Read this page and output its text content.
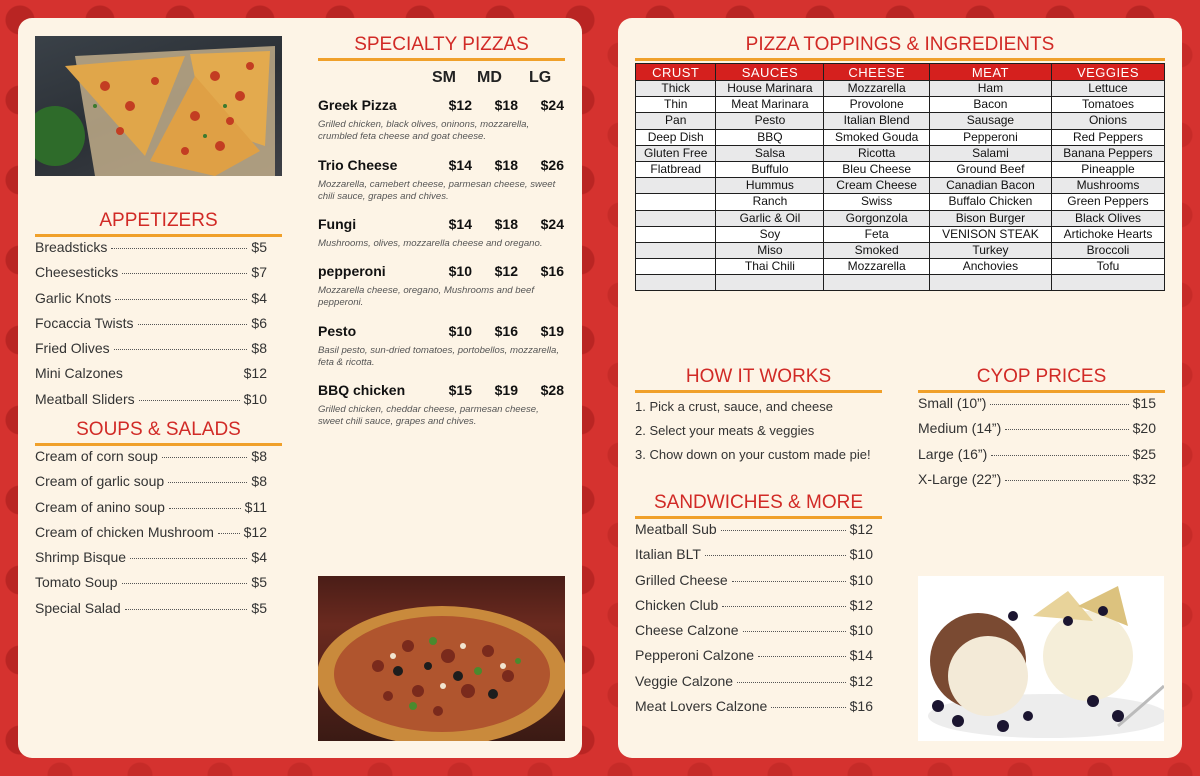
SPECIALTY PIZZAS
SM MD LG
Greek Pizza	$12	$18	$24
Grilled chicken, black olives, oninons, mozzarella, crumbled feta cheese and goat cheese.
Trio Cheese	$14	$18	$26
Mozzarella, camebert cheese, parmesan cheese, sweet chili sauce, grapes and chives.
Fungi	$14	$18	$24
Mushrooms, olives, mozzarella cheese and oregano.
pepperoni	$10	$12	$16
Mozzarella cheese, oregano, Mushrooms and beef pepperoni.
Pesto	$10	$16	$19
Basil pesto, sun-dried tomatoes, portobellos, mozzarella, feta & ricotta.
BBQ chicken	$15	$19	$28
Grilled chicken, cheddar cheese, parmesan cheese, sweet chili sauce, grapes and chives.
APPETIZERS
Breadsticks	$5
Cheesesticks	$7
Garlic Knots	$4
Focaccia Twists	$6
Fried Olives	$8
Mini Calzones	$12
Meatball Sliders	$10
SOUPS & SALADS
Cream of corn soup	$8
Cream of garlic soup	$8
Cream of anino soup	$11
Cream of chicken Mushroom $12
Shrimp Bisque	$4
Tomato Soup	$5
Special Salad	$5
PIZZA TOPPINGS & INGREDIENTS
CRUST	SAUCES	CHEESE	MEAT	VEGGIES
Thick	House Marinara	Mozzarella	Ham	Lettuce
Thin	Meat Marinara	Provolone	Bacon	Tomatoes
Pan	Pesto	Italian Blend	Sausage	Onions
Deep Dish	BBQ	Smoked Gouda	Pepperoni	Red Peppers
Gluten Free	Salsa	Ricotta	Salami	Banana Peppers
Flatbread	Buffulo	Bleu Cheese	Ground Beef	Pineapple
	Hummus	Cream Cheese	Canadian Bacon	Mushrooms
	Ranch	Swiss	Buffalo Chicken	Green Peppers
	Garlic & Oil	Gorgonzola	Bison Burger	Black Olives
	Soy	Feta	VENISON STEAK	Artichoke Hearts
	Miso	Smoked	Turkey	Broccoli
	Thai Chili	Mozzarella	Anchovies	Tofu

HOW IT WORKS
1. Pick a crust, sauce, and cheese
2. Select your meats & veggies
3. Chow down on your custom made pie!
CYOP PRICES
Small (10”)	$15
Medium (14”)	$20
Large (16”)	$25
X-Large (22”)	$32
SANDWICHES & MORE
Meatball Sub	$12
Italian BLT	$10
Grilled Cheese	$10
Chicken Club	$12
Cheese Calzone	$10
Pepperoni Calzone	$14
Veggie Calzone	$12
Meat Lovers Calzone	$16
